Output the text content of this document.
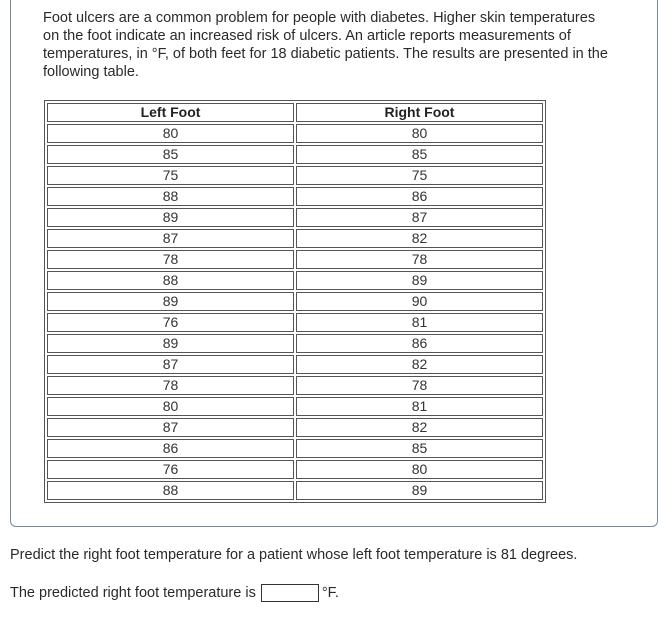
Foot ulcers are a common problem for people with diabetes. Higher skin temperatures on the foot indicate an increased risk of ulcers. An article reports measurements of temperatures, in °F, of both feet for 18 diabetic patients. The results are presented in the following table.

Left Foot	Right Foot
80	80
85	85
75	75
88	86
89	87
87	82
78	78
88	89
89	90
76	81
89	86
87	82
78	78
80	81
87	82
86	85
76	80
88	89

Predict the right foot temperature for a patient whose left foot temperature is 81 degrees.

The predicted right foot temperature is	°F.
